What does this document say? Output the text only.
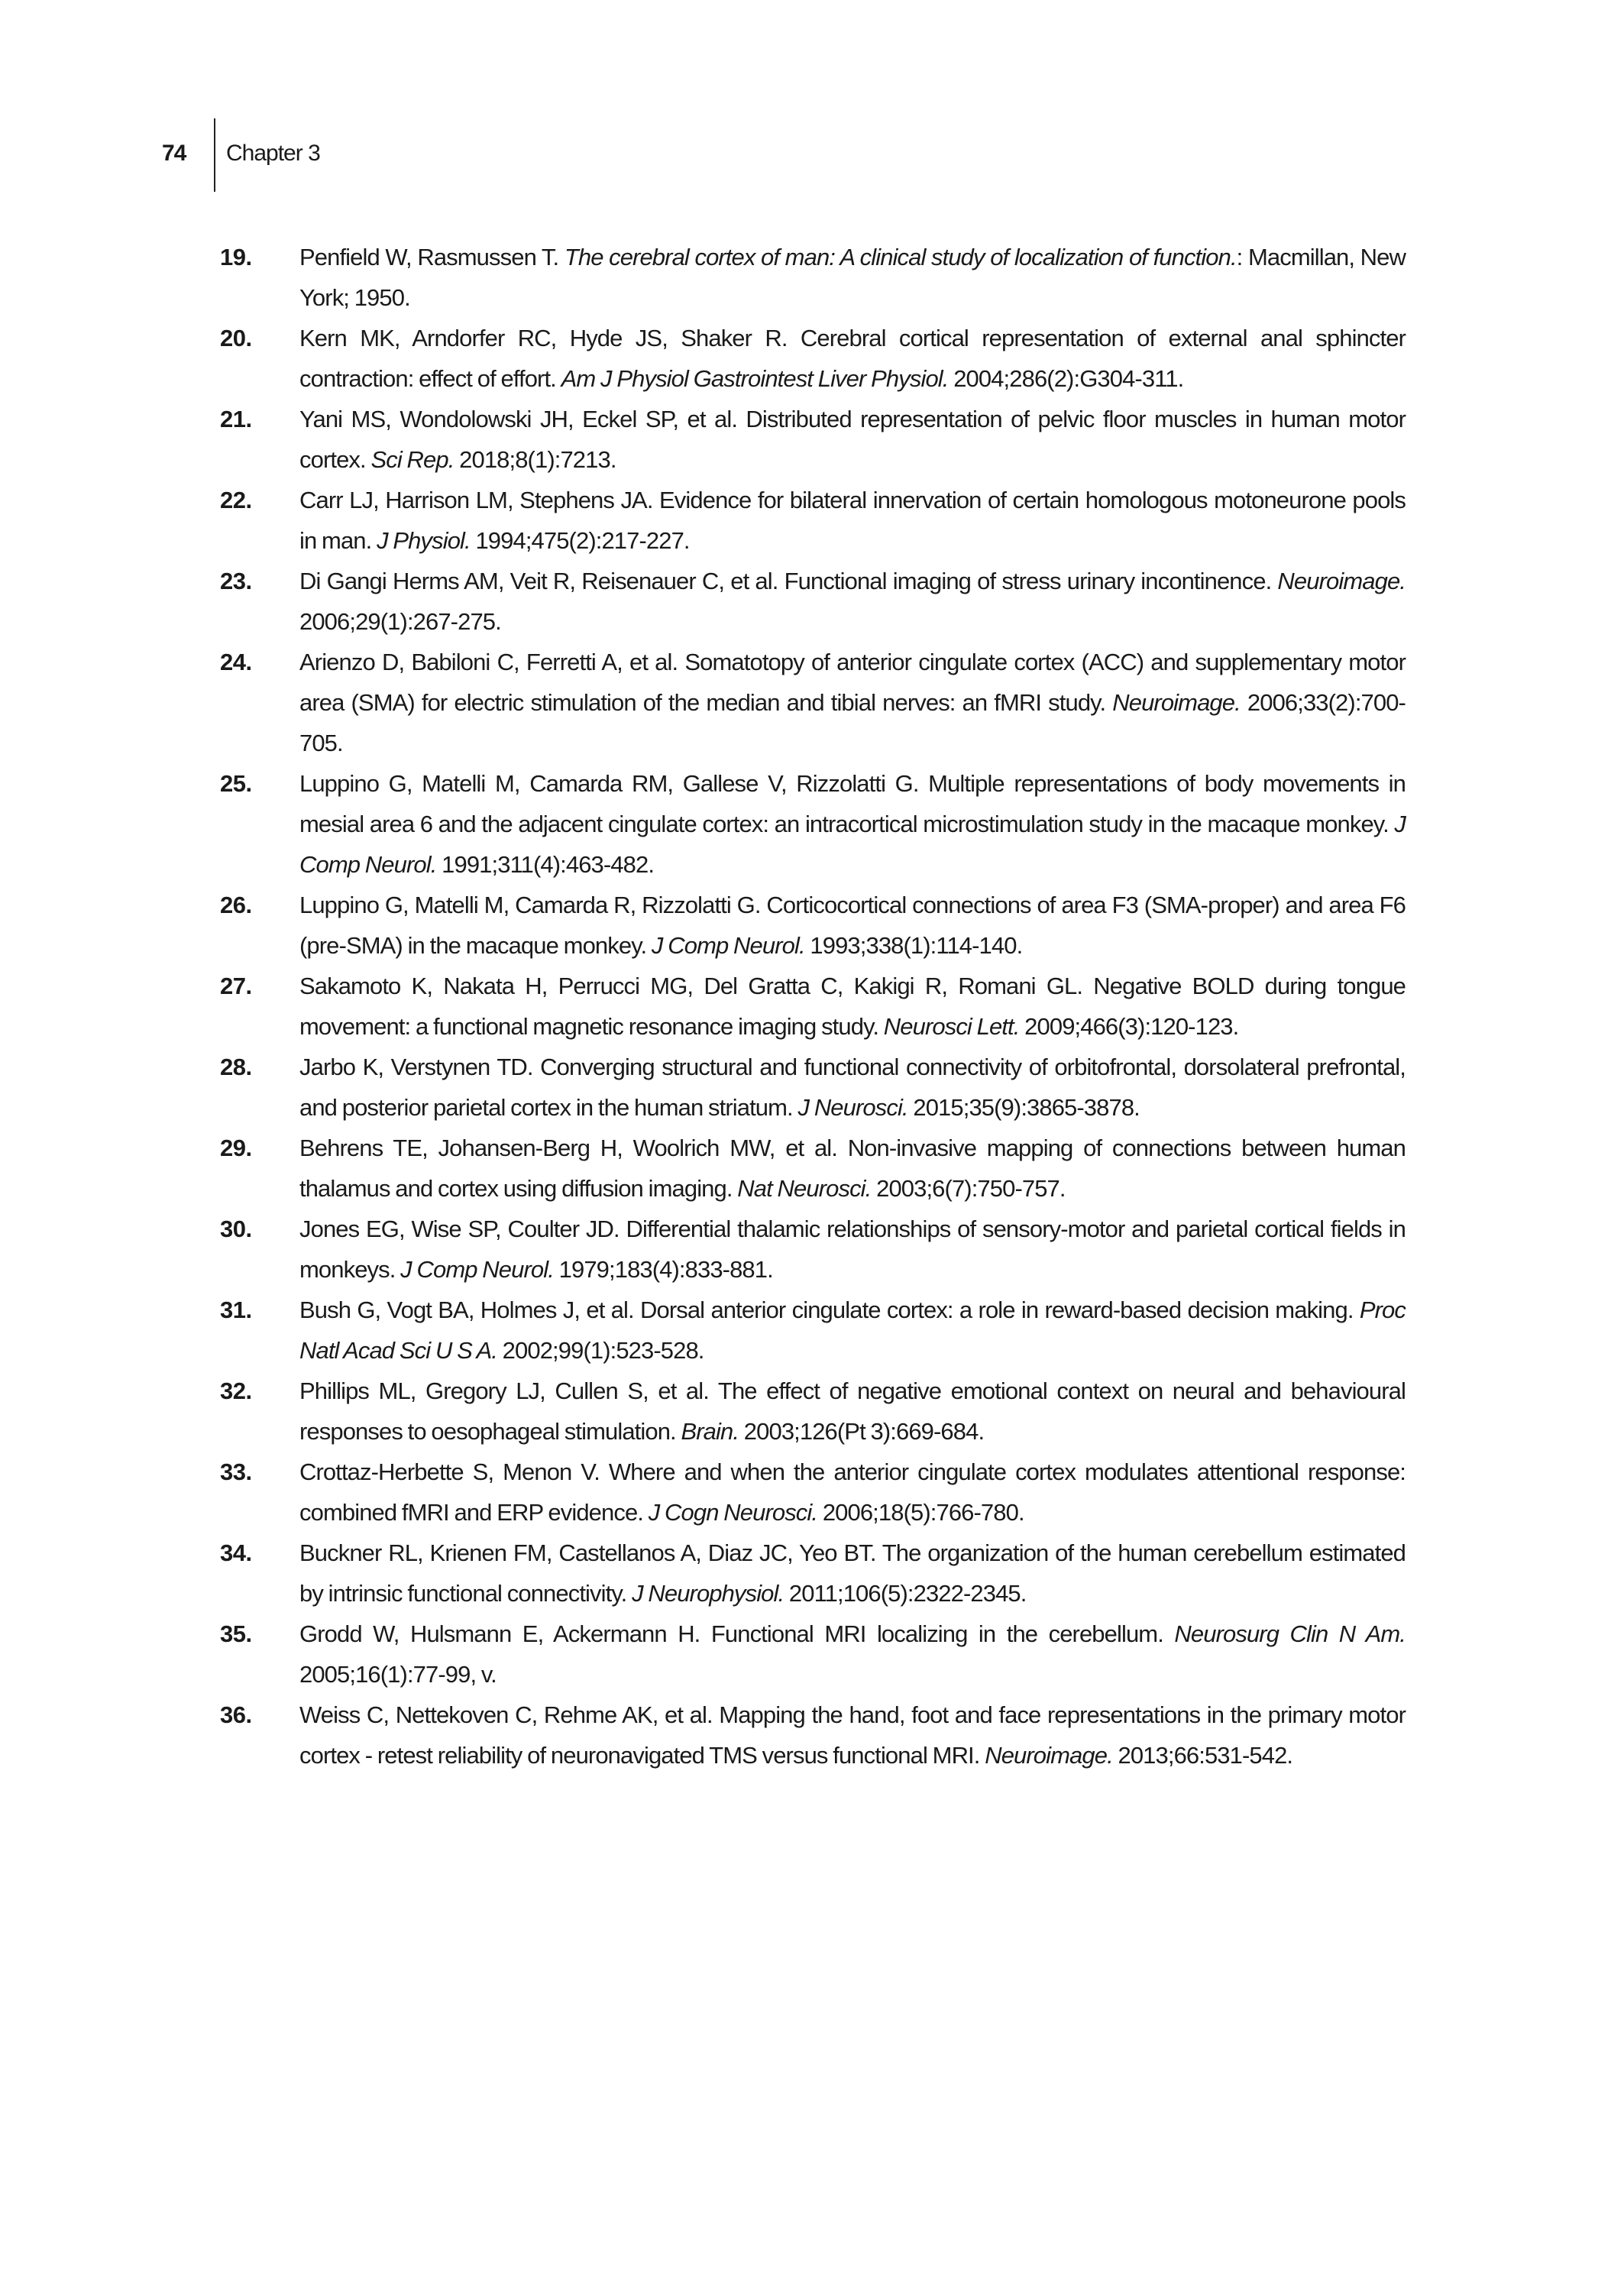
74 Chapter 3
19.	Penfield W, Rasmussen T. The cerebral cortex of man: A clinical study of localization of function.: Macmillan, New York; 1950.
20.	Kern MK, Arndorfer RC, Hyde JS, Shaker R. Cerebral cortical representation of external anal sphincter contraction: effect of effort. Am J Physiol Gastrointest Liver Physiol. 2004;286(2):G304-311.
21.	Yani MS, Wondolowski JH, Eckel SP, et al. Distributed representation of pelvic floor muscles in human motor cortex. Sci Rep. 2018;8(1):7213.
22.	Carr LJ, Harrison LM, Stephens JA. Evidence for bilateral innervation of certain homologous motoneurone pools in man. J Physiol. 1994;475(2):217-227.
23.	Di Gangi Herms AM, Veit R, Reisenauer C, et al. Functional imaging of stress urinary incontinence. Neuroimage. 2006;29(1):267-275.
24.	Arienzo D, Babiloni C, Ferretti A, et al. Somatotopy of anterior cingulate cortex (ACC) and supplementary motor area (SMA) for electric stimulation of the median and tibial nerves: an fMRI study. Neuroimage. 2006;33(2):700-705.
25.	Luppino G, Matelli M, Camarda RM, Gallese V, Rizzolatti G. Multiple representations of body movements in mesial area 6 and the adjacent cingulate cortex: an intracortical microstimulation study in the macaque monkey. J Comp Neurol. 1991;311(4):463-482.
26.	Luppino G, Matelli M, Camarda R, Rizzolatti G. Corticocortical connections of area F3 (SMA-proper) and area F6 (pre-SMA) in the macaque monkey. J Comp Neurol. 1993;338(1):114-140.
27.	Sakamoto K, Nakata H, Perrucci MG, Del Gratta C, Kakigi R, Romani GL. Negative BOLD during tongue movement: a functional magnetic resonance imaging study. Neurosci Lett. 2009;466(3):120-123.
28.	Jarbo K, Verstynen TD. Converging structural and functional connectivity of orbitofrontal, dorsolateral prefrontal, and posterior parietal cortex in the human striatum. J Neurosci. 2015;35(9):3865-3878.
29.	Behrens TE, Johansen-Berg H, Woolrich MW, et al. Non-invasive mapping of connections between human thalamus and cortex using diffusion imaging. Nat Neurosci. 2003;6(7):750-757.
30.	Jones EG, Wise SP, Coulter JD. Differential thalamic relationships of sensory-motor and parietal cortical fields in monkeys. J Comp Neurol. 1979;183(4):833-881.
31.	Bush G, Vogt BA, Holmes J, et al. Dorsal anterior cingulate cortex: a role in reward-based decision making. Proc Natl Acad Sci U S A. 2002;99(1):523-528.
32.	Phillips ML, Gregory LJ, Cullen S, et al. The effect of negative emotional context on neural and behavioural responses to oesophageal stimulation. Brain. 2003;126(Pt 3):669-684.
33.	Crottaz-Herbette S, Menon V. Where and when the anterior cingulate cortex modulates attentional response: combined fMRI and ERP evidence. J Cogn Neurosci. 2006;18(5):766-780.
34.	Buckner RL, Krienen FM, Castellanos A, Diaz JC, Yeo BT. The organization of the human cerebellum estimated by intrinsic functional connectivity. J Neurophysiol. 2011;106(5):2322-2345.
35.	Grodd W, Hulsmann E, Ackermann H. Functional MRI localizing in the cerebellum. Neurosurg Clin N Am. 2005;16(1):77-99, v.
36.	Weiss C, Nettekoven C, Rehme AK, et al. Mapping the hand, foot and face representations in the primary motor cortex - retest reliability of neuronavigated TMS versus functional MRI. Neuroimage. 2013;66:531-542.
